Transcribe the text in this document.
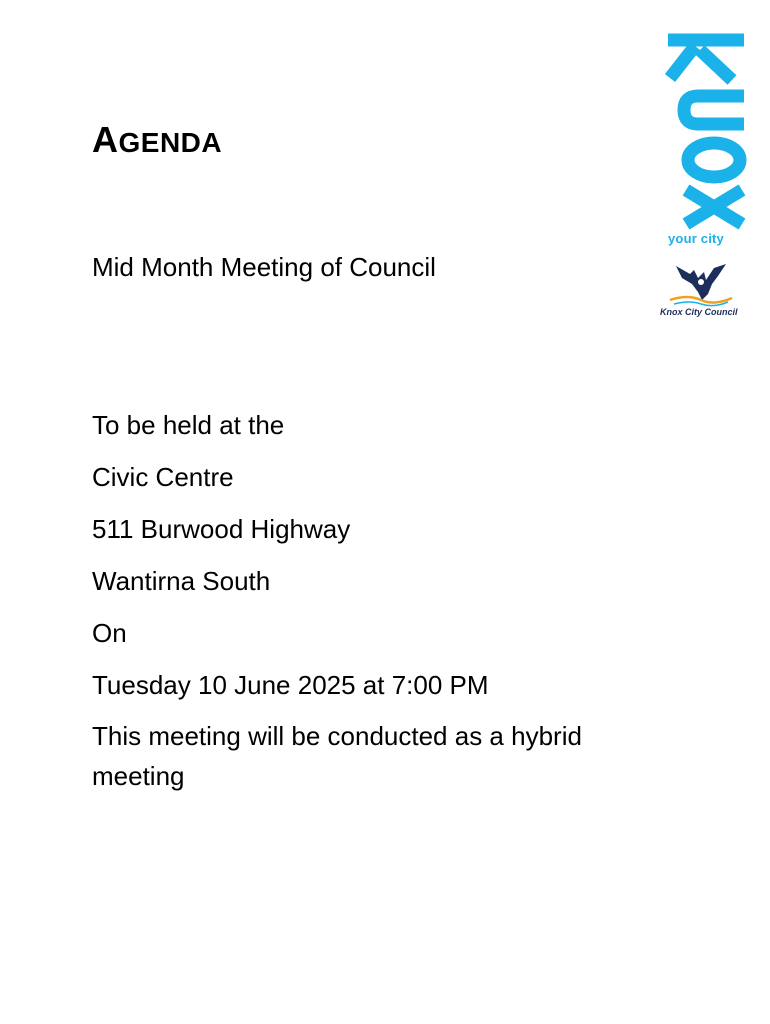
AGENDA

Mid Month Meeting of Council

To be held at the

Civic Centre

511 Burwood Highway

Wantirna South

On

Tuesday 10 June 2025 at 7:00 PM

This meeting will be conducted as a hybrid meeting

your city
Knox City Council
